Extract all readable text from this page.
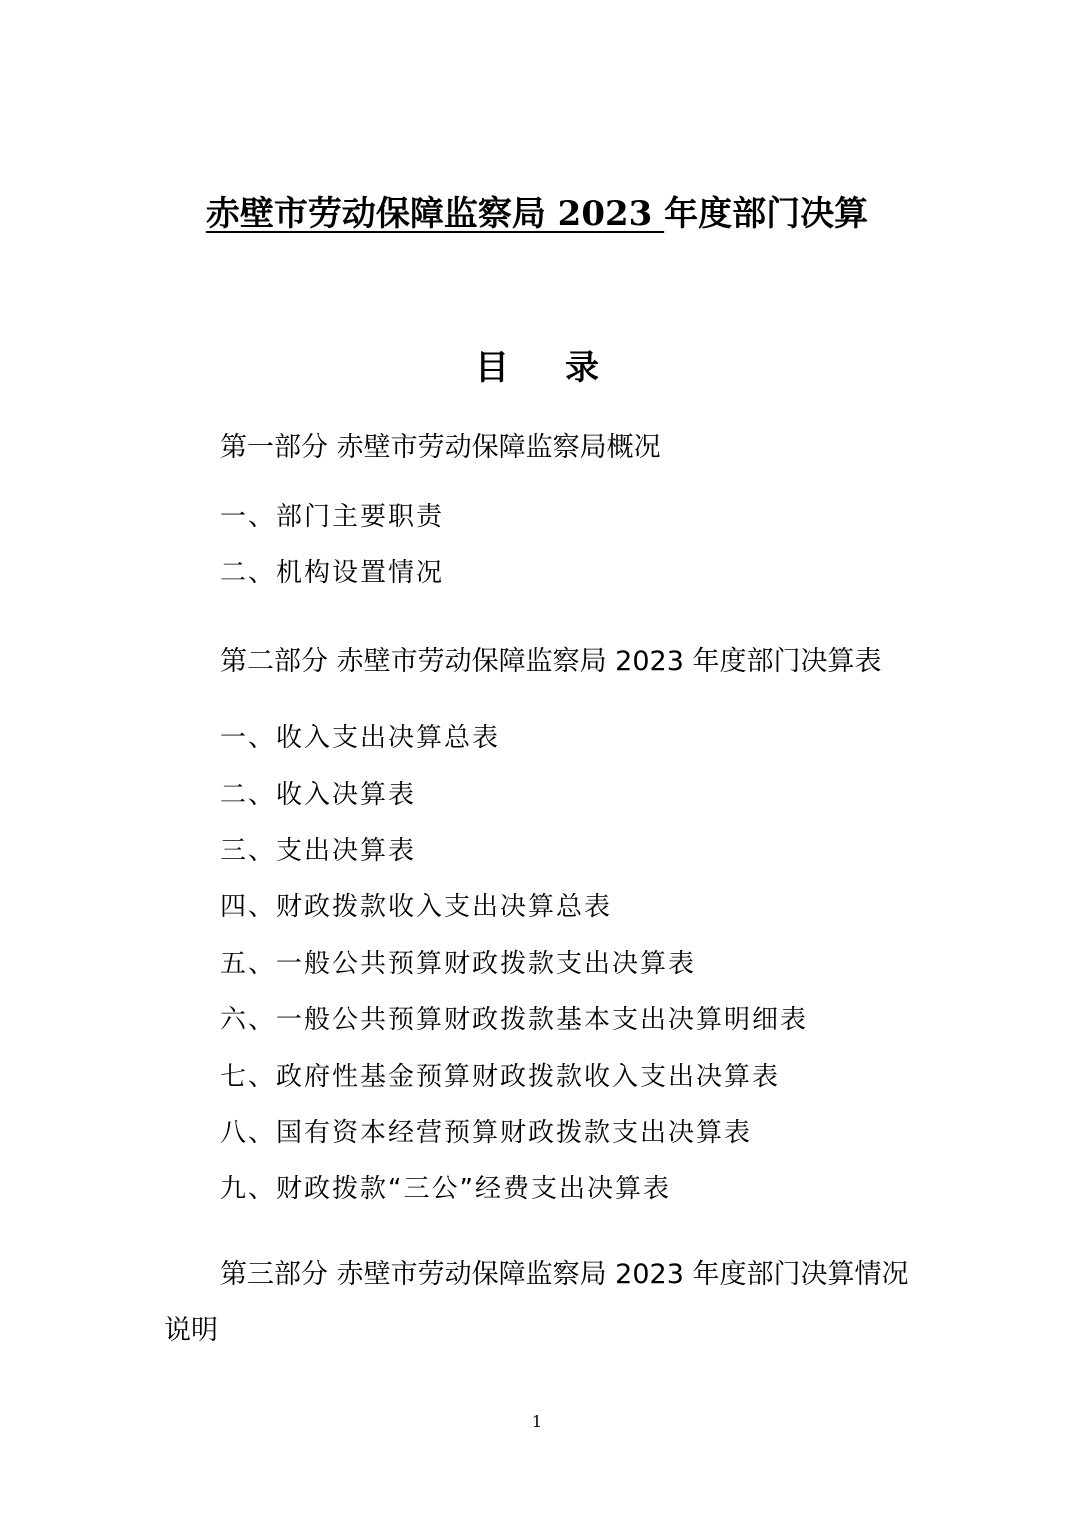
赤壁市劳动保障监察局 2023 年度部门决算
目录
第一部分 赤壁市劳动保障监察局概况
一、部门主要职责
二、机构设置情况
第二部分 赤壁市劳动保障监察局 2023 年度部门决算表
一、收入支出决算总表
二、收入决算表
三、支出决算表
四、财政拨款收入支出决算总表
五、一般公共预算财政拨款支出决算表
六、一般公共预算财政拨款基本支出决算明细表
七、政府性基金预算财政拨款收入支出决算表
八、国有资本经营预算财政拨款支出决算表
九、财政拨款“三公”经费支出决算表
第三部分 赤壁市劳动保障监察局 2023 年度部门决算情况说明
1
